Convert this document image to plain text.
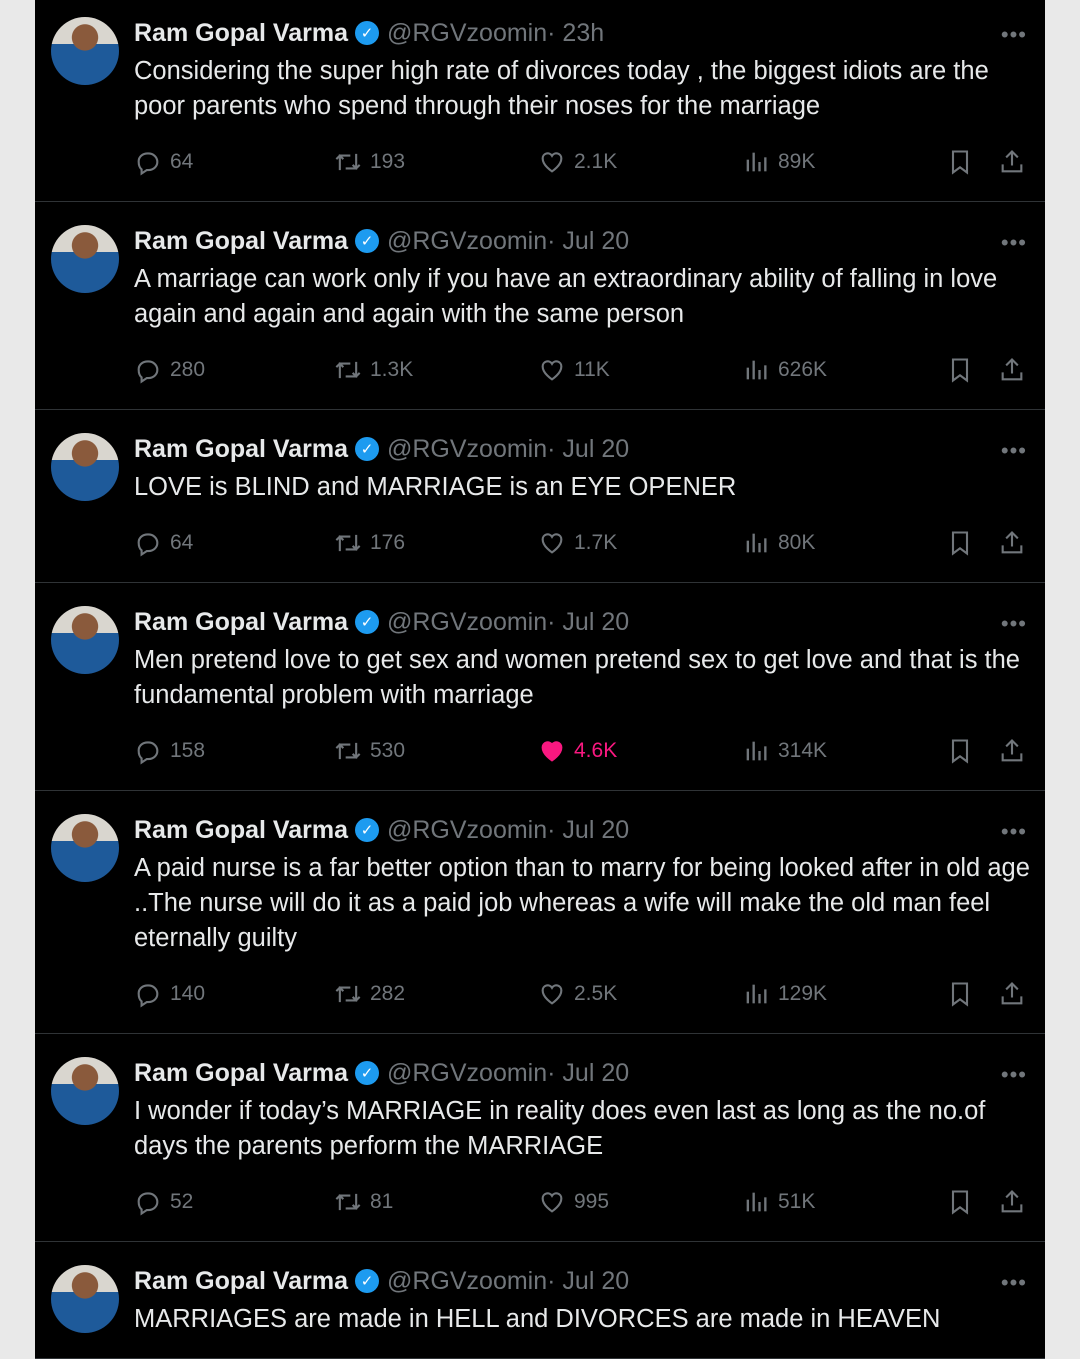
Ram Gopal Varma ✓ @RGVzoomin · 23h	•••
Considering the super high rate of divorces today , the biggest idiots are the poor parents who spend through their noses for the marriage
64	193	2.1K	89K
Ram Gopal Varma ✓ @RGVzoomin · Jul 20	•••
A marriage can work only if you have an extraordinary ability of falling in love again and again and again with the same person
280	1.3K	11K	626K
Ram Gopal Varma ✓ @RGVzoomin · Jul 20	•••
LOVE is BLIND and MARRIAGE is an EYE OPENER
64	176	1.7K	80K
Ram Gopal Varma ✓ @RGVzoomin · Jul 20	•••
Men pretend love to get sex and women pretend sex to get love and that is the fundamental problem with marriage
158	530	4.6K	314K
Ram Gopal Varma ✓ @RGVzoomin · Jul 20	•••
A paid nurse is a far better option than to marry for being looked after in old age ..The nurse will do it as a paid job whereas a wife will make the old man feel eternally guilty
140	282	2.5K	129K
Ram Gopal Varma ✓ @RGVzoomin · Jul 20	•••
I wonder if today’s MARRIAGE in reality does even last as long as the no.of days the parents perform the MARRIAGE
52	81	995	51K
Ram Gopal Varma ✓ @RGVzoomin · Jul 20	•••
MARRIAGES are made in HELL and DIVORCES are made in HEAVEN
